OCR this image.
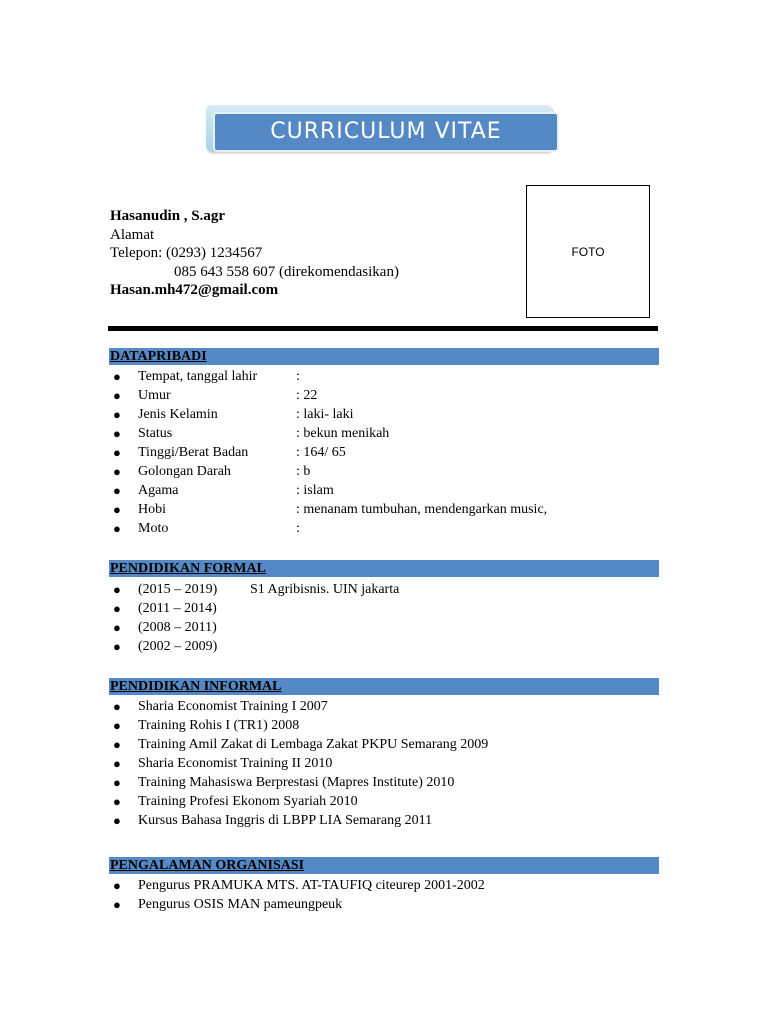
CURRICULUM VITAE
Hasanudin , S.agr
Alamat
Telepon: (0293) 1234567
085 643 558 607 (direkomendasikan)
Hasan.mh472@gmail.com
FOTO
DATAPRIBADI
● Tempat, tanggal lahir	:
● Umur	: 22
● Jenis Kelamin	: laki- laki
● Status	: bekun menikah
● Tinggi/Berat Badan	: 164/ 65
● Golongan Darah	: b
● Agama	: islam
● Hobi	: menanam tumbuhan, mendengarkan music,
● Moto	:
PENDIDIKAN FORMAL
● (2015 – 2019) S1 Agribisnis. UIN jakarta
● (2011 – 2014)
● (2008 – 2011)
● (2002 – 2009)
PENDIDIKAN INFORMAL
● Sharia Economist Training I 2007
● Training Rohis I (TR1) 2008
● Training Amil Zakat di Lembaga Zakat PKPU Semarang 2009
● Sharia Economist Training II 2010
● Training Mahasiswa Berprestasi (Mapres Institute) 2010
● Training Profesi Ekonom Syariah 2010
● Kursus Bahasa Inggris di LBPP LIA Semarang 2011
PENGALAMAN ORGANISASI
● Pengurus PRAMUKA MTS. AT-TAUFIQ citeurep 2001-2002
● Pengurus OSIS MAN pameungpeuk
